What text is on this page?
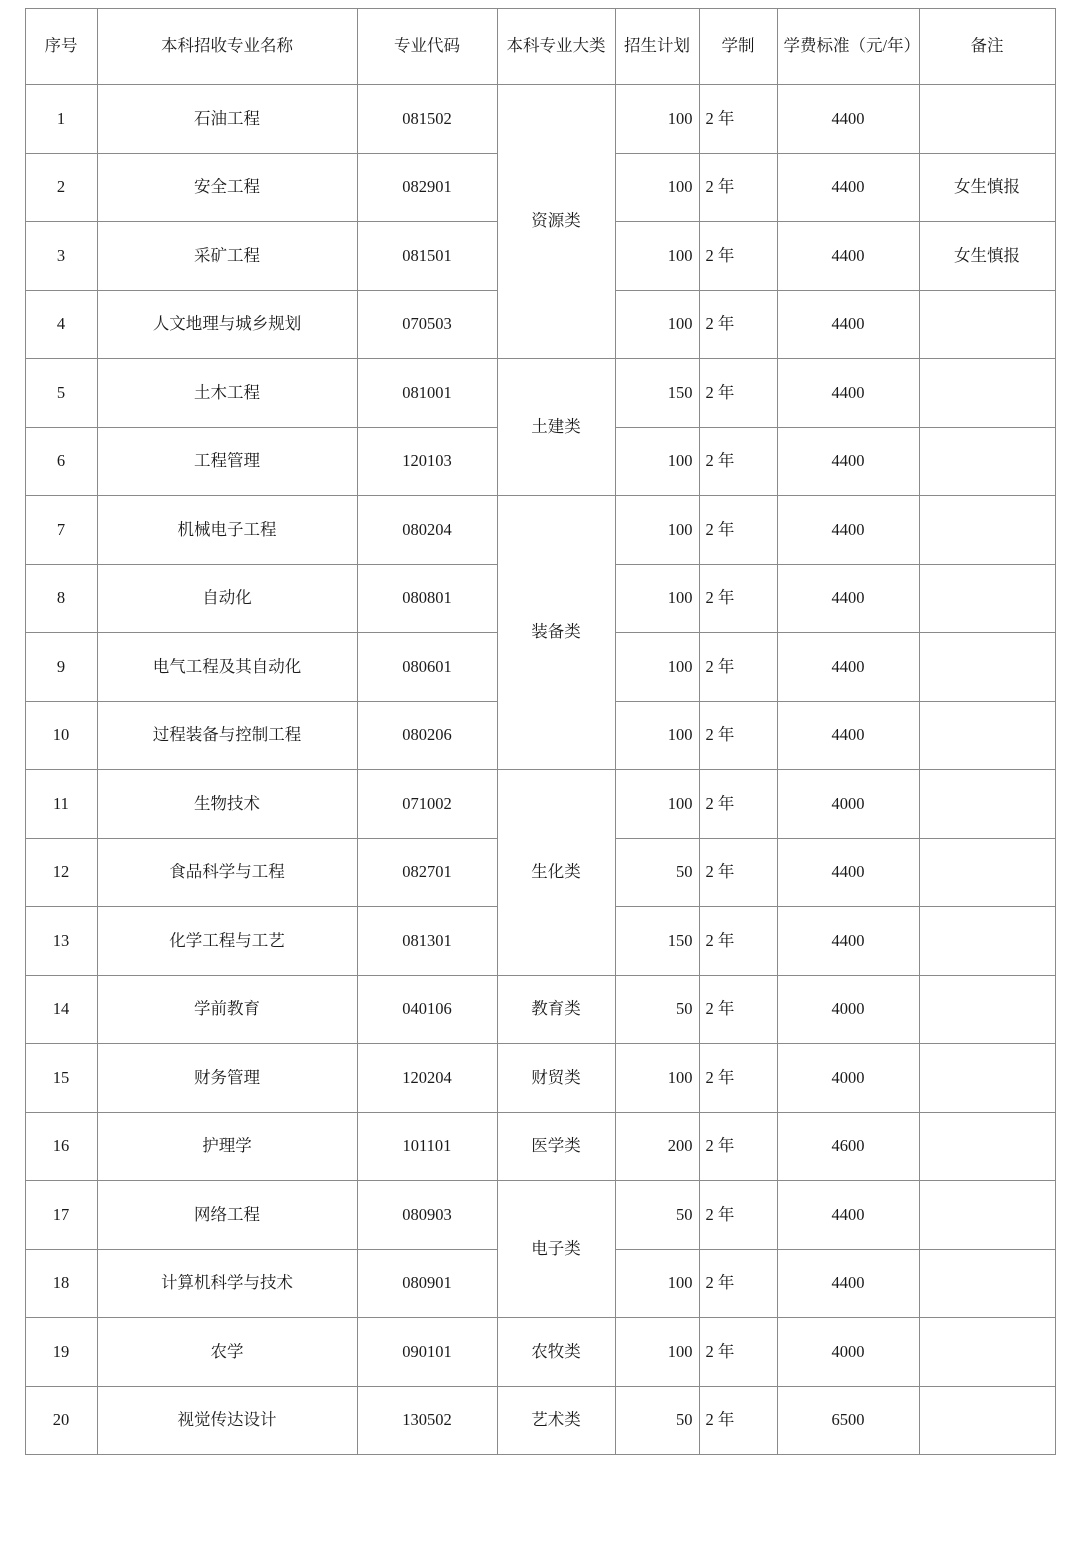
序号	本科招收专业名称	专业代码	本科专业大类	招生计划	学制	学费标准（元/年）	备注
1	石油工程	081502	资源类	100	2 年	4400	
2	安全工程	082901		100	2 年	4400	女生慎报
3	采矿工程	081501		100	2 年	4400	女生慎报
4	人文地理与城乡规划	070503		100	2 年	4400	
5	土木工程	081001	土建类	150	2 年	4400	
6	工程管理	120103		100	2 年	4400	
7	机械电子工程	080204	装备类	100	2 年	4400	
8	自动化	080801		100	2 年	4400	
9	电气工程及其自动化	080601		100	2 年	4400	
10	过程装备与控制工程	080206		100	2 年	4400	
11	生物技术	071002	生化类	100	2 年	4000	
12	食品科学与工程	082701		50	2 年	4400	
13	化学工程与工艺	081301		150	2 年	4400	
14	学前教育	040106	教育类	50	2 年	4000	
15	财务管理	120204	财贸类	100	2 年	4000	
16	护理学	101101	医学类	200	2 年	4600	
17	网络工程	080903	电子类	50	2 年	4400	
18	计算机科学与技术	080901		100	2 年	4400	
19	农学	090101	农牧类	100	2 年	4000	
20	视觉传达设计	130502	艺术类	50	2 年	6500	
